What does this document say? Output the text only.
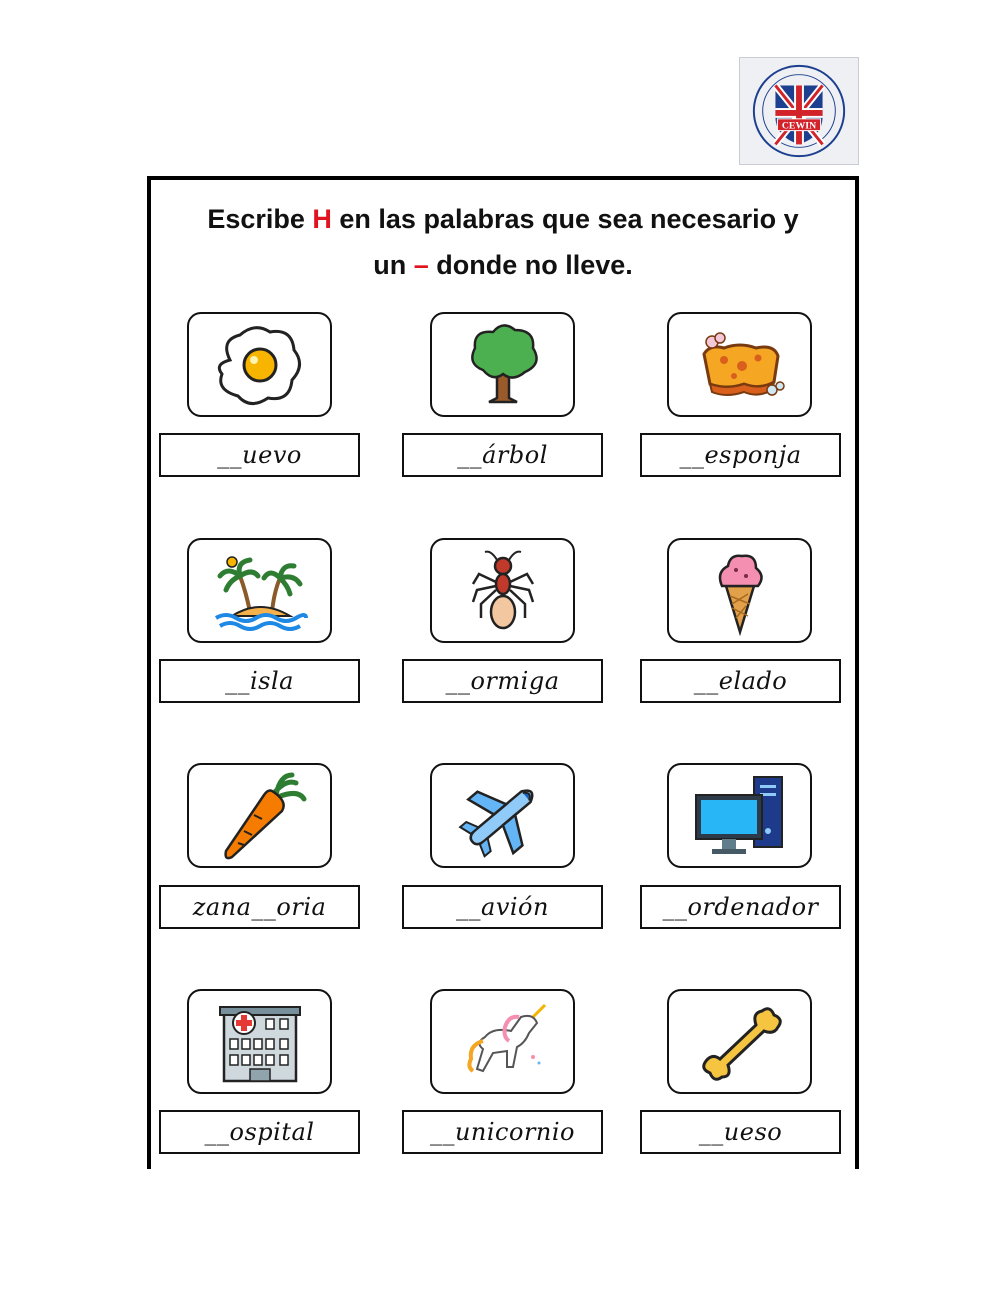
CEWIN
Escribe H en las palabras que sea necesario y
un – donde no lleve.
__uevo	__árbol	__esponja
__isla	__ormiga	__elado
zana__oria	__avión	__ordenador
__ospital	__unicornio	__ueso
